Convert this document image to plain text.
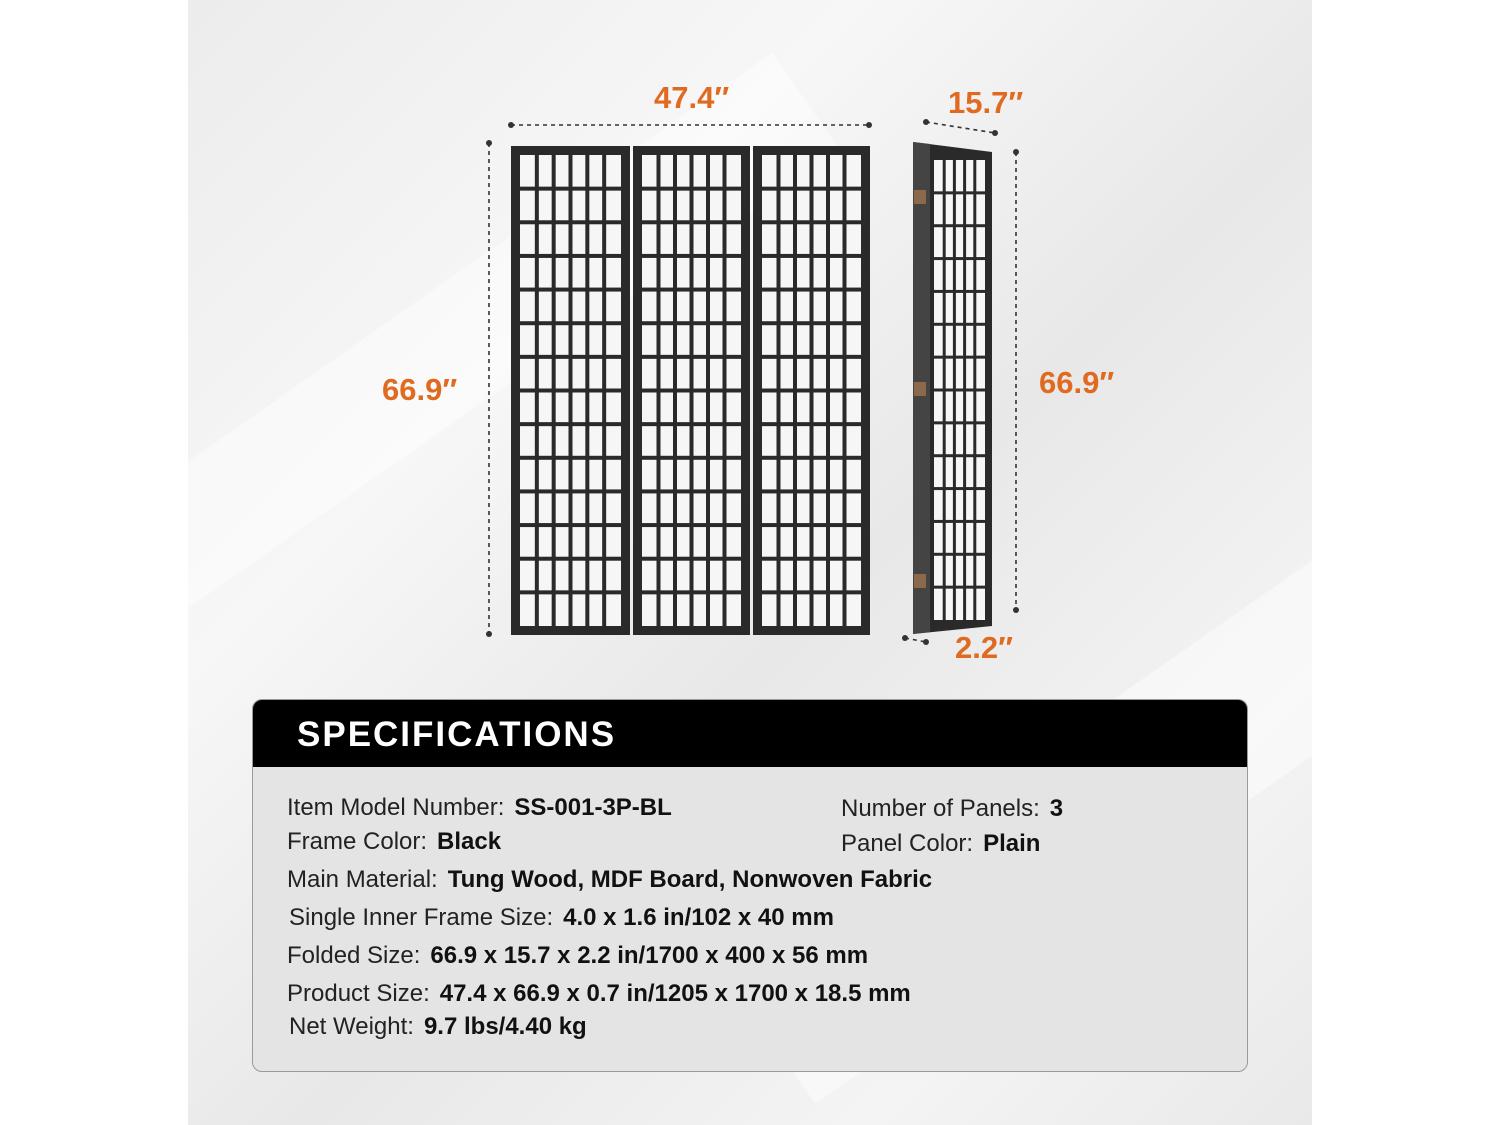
47.4″
66.9″
15.7″
66.9″
2.2″
SPECIFICATIONS
Item Model Number: SS-001-3P-BL	Number of Panels: 3
Frame Color: Black	Panel Color: Plain
Main Material: Tung Wood, MDF Board, Nonwoven Fabric
Single Inner Frame Size: 4.0 x 1.6 in/102 x 40 mm
Folded Size: 66.9 x 15.7 x 2.2 in/1700 x 400 x 56 mm
Product Size: 47.4 x 66.9 x 0.7 in/1205 x 1700 x 18.5 mm
Net Weight: 9.7 lbs/4.40 kg
